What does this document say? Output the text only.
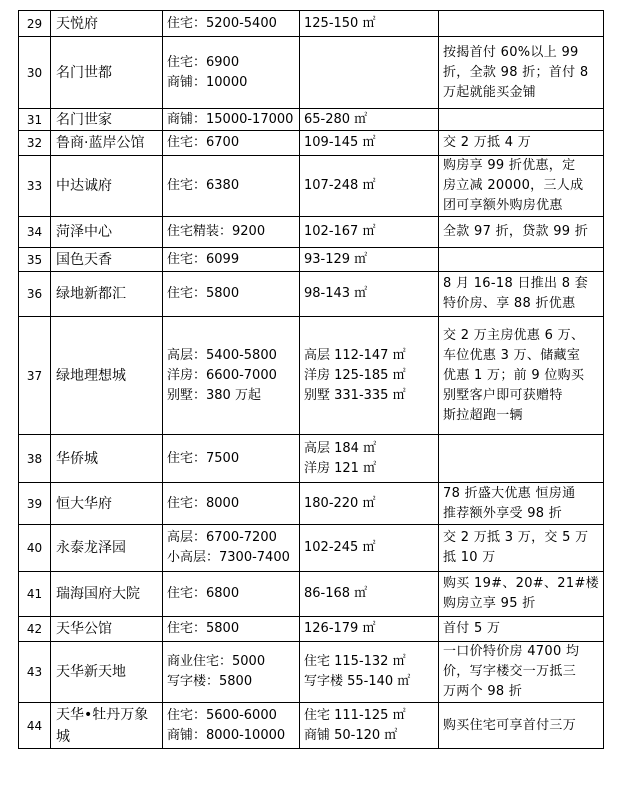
29	天悦府	住宅：5200-5400	125-150 ㎡	

30	名门世都	住宅：6900
商铺：10000		按揭首付 60%以上 99
折，全款 98 折；首付 8
万起就能买金铺

31	名门世家	商铺：15000-17000	65-280 ㎡	

32	鲁商·蓝岸公馆	住宅：6700	109-145 ㎡	交 2 万抵 4 万

33	中达诚府	住宅：6380	107-248 ㎡	购房享 99 折优惠，定
房立减 20000，三人成
团可享额外购房优惠

34	菏泽中心	住宅精装：9200	102-167 ㎡	全款 97 折，贷款 99 折

35	国色天香	住宅：6099	93-129 ㎡	

36	绿地新都汇	住宅：5800	98-143 ㎡	8 月 16-18 日推出 8 套
特价房、享 88 折优惠

37	绿地理想城	高层：5400-5800
洋房：6600-7000
别墅：380 万起	高层 112-147 ㎡
洋房 125-185 ㎡
别墅 331-335 ㎡	交 2 万主房优惠 6 万、
车位优惠 3 万、储藏室
优惠 1 万；前 9 位购买
别墅客户即可获赠特
斯拉超跑一辆

38	华侨城	住宅：7500	高层 184 ㎡
洋房 121 ㎡	

39	恒大华府	住宅：8000	180-220 ㎡	78 折盛大优惠 恒房通
推荐额外享受 98 折

40	永泰龙泽园	高层：6700-7200
小高层：7300-7400	102-245 ㎡	交 2 万抵 3 万，交 5 万
抵 10 万

41	瑞海国府大院	住宅：6800	86-168 ㎡	购买 19#、20#、21#楼
购房立享 95 折

42	天华公馆	住宅：5800	126-179 ㎡	首付 5 万

43	天华新天地	商业住宅：5000
写字楼：5800	住宅 115-132 ㎡
写字楼 55-140 ㎡	一口价特价房 4700 均
价，写字楼交一万抵三
万两个 98 折

44	天华•牡丹万象
城	住宅：5600-6000
商铺：8000-10000	住宅 111-125 ㎡
商铺 50-120 ㎡	购买住宅可享首付三万
